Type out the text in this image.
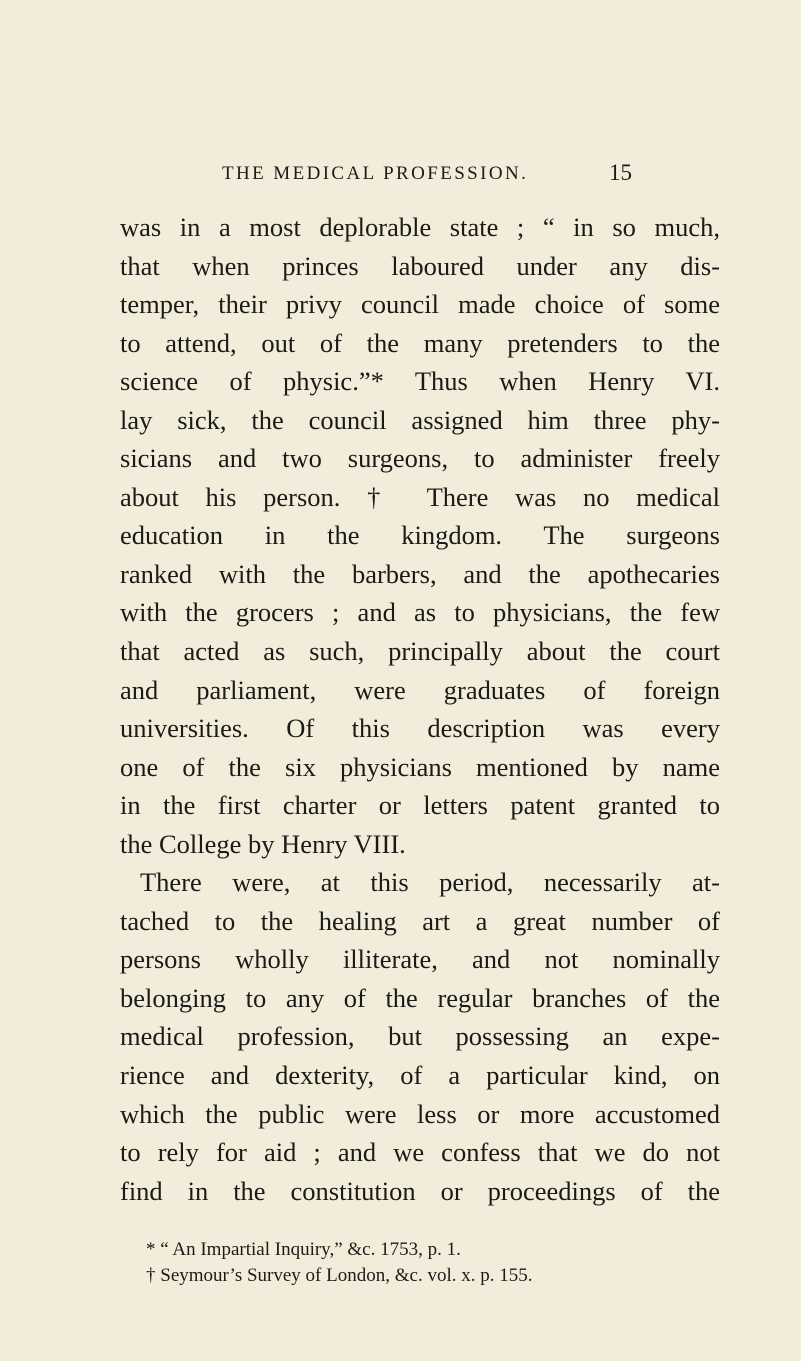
THE MEDICAL PROFESSION.	15
was in a most deplorable state ; “ in so much,
that when princes laboured under any dis-
temper, their privy council made choice of some
to attend, out of the many pretenders to the
science of physic.”* Thus when Henry VI.
lay sick, the council assigned him three phy-
sicians and two surgeons, to administer freely
about his person. † There was no medical
education in the kingdom. The surgeons
ranked with the barbers, and the apothecaries
with the grocers ; and as to physicians, the few
that acted as such, principally about the court
and parliament, were graduates of foreign
universities. Of this description was every
one of the six physicians mentioned by name
in the first charter or letters patent granted to
the College by Henry VIII.
There were, at this period, necessarily at-
tached to the healing art a great number of
persons wholly illiterate, and not nominally
belonging to any of the regular branches of the
medical profession, but possessing an expe-
rience and dexterity, of a particular kind, on
which the public were less or more accustomed
to rely for aid ; and we confess that we do not
find in the constitution or proceedings of the
* “ An Impartial Inquiry,” &c. 1753, p. 1.
† Seymour’s Survey of London, &c. vol. x. p. 155.
